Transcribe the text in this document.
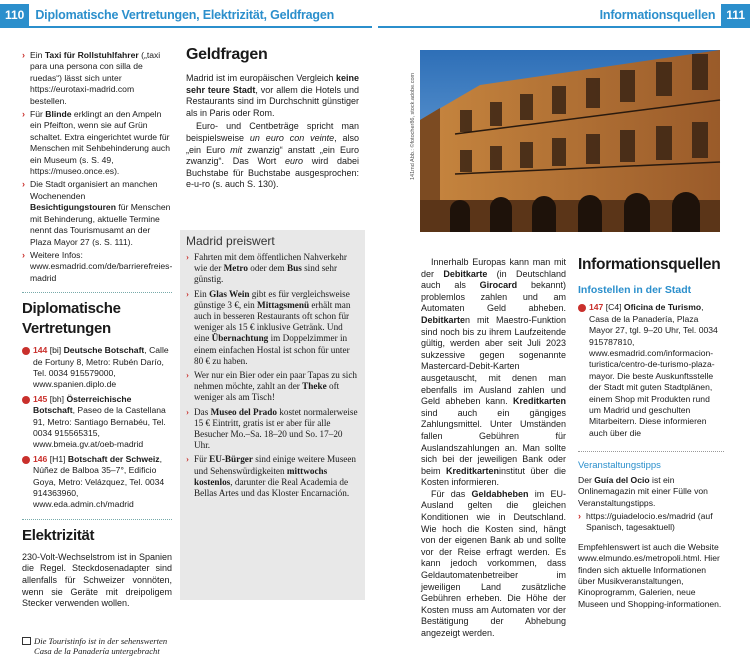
110 Diplomatische Vertretungen, Elektrizität, Geldfragen	Informationsquellen 111
› Ein Taxi für Rollstuhlfahrer („taxi para una persona con silla de ruedas“) lässt sich unter https://eurotaxi-madrid.com bestellen.
› Für Blinde erklingt an den Ampeln ein Pfeifton, wenn sie auf Grün schaltet. Extra eingerichtet wurde für Menschen mit Sehbehinderung auch ein Museum (s. S. 49, https://museo.once.es).
› Die Stadt organisiert an manchen Wochenenden Besichtigungstouren für Menschen mit Behinderung, aktuelle Termine nennt das Tourismusamt an der Plaza Mayor 27 (s. S. 111).
› Weitere Infos: www.esmadrid.com/de/barrierefreies-madrid
Diplomatische
Vertretungen
144 [bi] Deutsche Botschaft, Calle de Fortuny 8, Metro: Rubén Darío, Tel. 0034 915579000, www.spanien.diplo.de
145 [bh] Österreichische Botschaft, Paseo de la Castellana 91, Metro: Santiago Bernabéu, Tel. 0034 915565315, www.bmeia.gv.at/oeb-madrid
146 [H1] Botschaft der Schweiz, Núñez de Balboa 35–7°, Edificio Goya, Metro: Velázquez, Tel. 0034 914363960, www.eda.admin.ch/madrid
Elektrizität
230-Volt-Wechselstrom ist in Spanien die Regel. Steckdosenadapter sind allenfalls für Schweizer vonnöten, wenn sie Geräte mit dreipoligem Stecker verwenden wollen.
Die Touristinfo ist in der sehenswerten Casa de la Panadería untergebracht
Geldfragen
Madrid ist im europäischen Vergleich keine sehr teure Stadt, vor allem die Hotels und Restaurants sind im Durchschnitt günstiger als in Paris oder Rom.
Euro- und Centbeträge spricht man beispielsweise un euro con veinte, also „ein Euro mit zwanzig“ anstatt „ein Euro zwanzig“. Das Wort euro wird dabei Buchstabe für Buchstabe ausgesprochen: e-u-ro (s. auch S. 130).
Madrid preiswert
› Fahrten mit dem öffentlichen Nahverkehr wie der Metro oder dem Bus sind sehr günstig.
› Ein Glas Wein gibt es für vergleichsweise günstige 3 €, ein Mittagsmenü erhält man auch in besseren Restaurants oft schon für weniger als 15 € inklusive Getränk. Und eine Übernachtung im Doppelzimmer in einem einfachen Hostal ist schon für unter 80 € zu haben.
› Wer nur ein Bier oder ein paar Tapas zu sich nehmen möchte, zahlt an der Theke oft weniger als am Tisch!
› Das Museo del Prado kostet normalerweise 15 € Eintritt, gratis ist er aber für alle Besucher Mo.–Sa. 18–20 und So. 17–20 Uhr.
› Für EU-Bürger sind einige weitere Museen und Sehenswürdigkeiten mittwochs kostenlos, darunter die Real Academia de Bellas Artes und das Kloster Encarnación.
141md Abb.: ©fotocher86, stock.adobe.com
Innerhalb Europas kann man mit der Debitkarte (in Deutschland auch als Girocard bekannt) problemlos zahlen und am Automaten Geld abheben. Debitkarten mit Maestro-Funktion sind noch bis zu ihrem Laufzeitende gültig, werden aber seit Juli 2023 sukzessive gegen sogenannte Mastercard-Debit-Karten ausgetauscht, mit denen man ebenfalls im Ausland zahlen und Geld abheben kann. Kreditkarten sind auch ein gängiges Zahlungsmittel. Unter Umständen fallen Gebühren für Auslandszahlungen an. Man sollte sich bei der jeweiligen Bank oder beim Kreditkarteninstitut über die Kosten informieren.
Für das Geldabheben im EU-Ausland gelten die gleichen Konditionen wie in Deutschland. Wie hoch die Kosten sind, hängt von der eigenen Bank ab und sollte vor der Reise erfragt werden. Es kann jedoch vorkommen, dass Geldautomatenbetreiber im jeweiligen Land zusätzliche Gebühren erheben. Die Höhe der Kosten muss am Automaten vor der Bestätigung der Abhebung angezeigt werden.
Informationsquellen
Infostellen in der Stadt
147 [C4] Oficina de Turismo, Casa de la Panadería, Plaza Mayor 27, tgl. 9–20 Uhr, Tel. 0034 915787810, www.esmadrid.com/informacion-turistica/centro-de-turismo-plaza-mayor. Die beste Auskunftsstelle der Stadt mit guten Stadtplänen, einem Shop mit Produkten rund um Madrid und geschulten Mitarbeitern. Diese informieren auch über die
Veranstaltungstipps
Der Guía del Ocio ist ein Onlinemagazin mit einer Fülle von Veranstaltungstipps.
› https://guiadelocio.es/madrid (auf Spanisch, tagesaktuell)
Empfehlenswert ist auch die Website www.elmundo.es/metropoli.html. Hier finden sich aktuelle Informationen über Musikveranstaltungen, Kinoprogramm, Galerien, neue Museen und Shopping-informationen.
